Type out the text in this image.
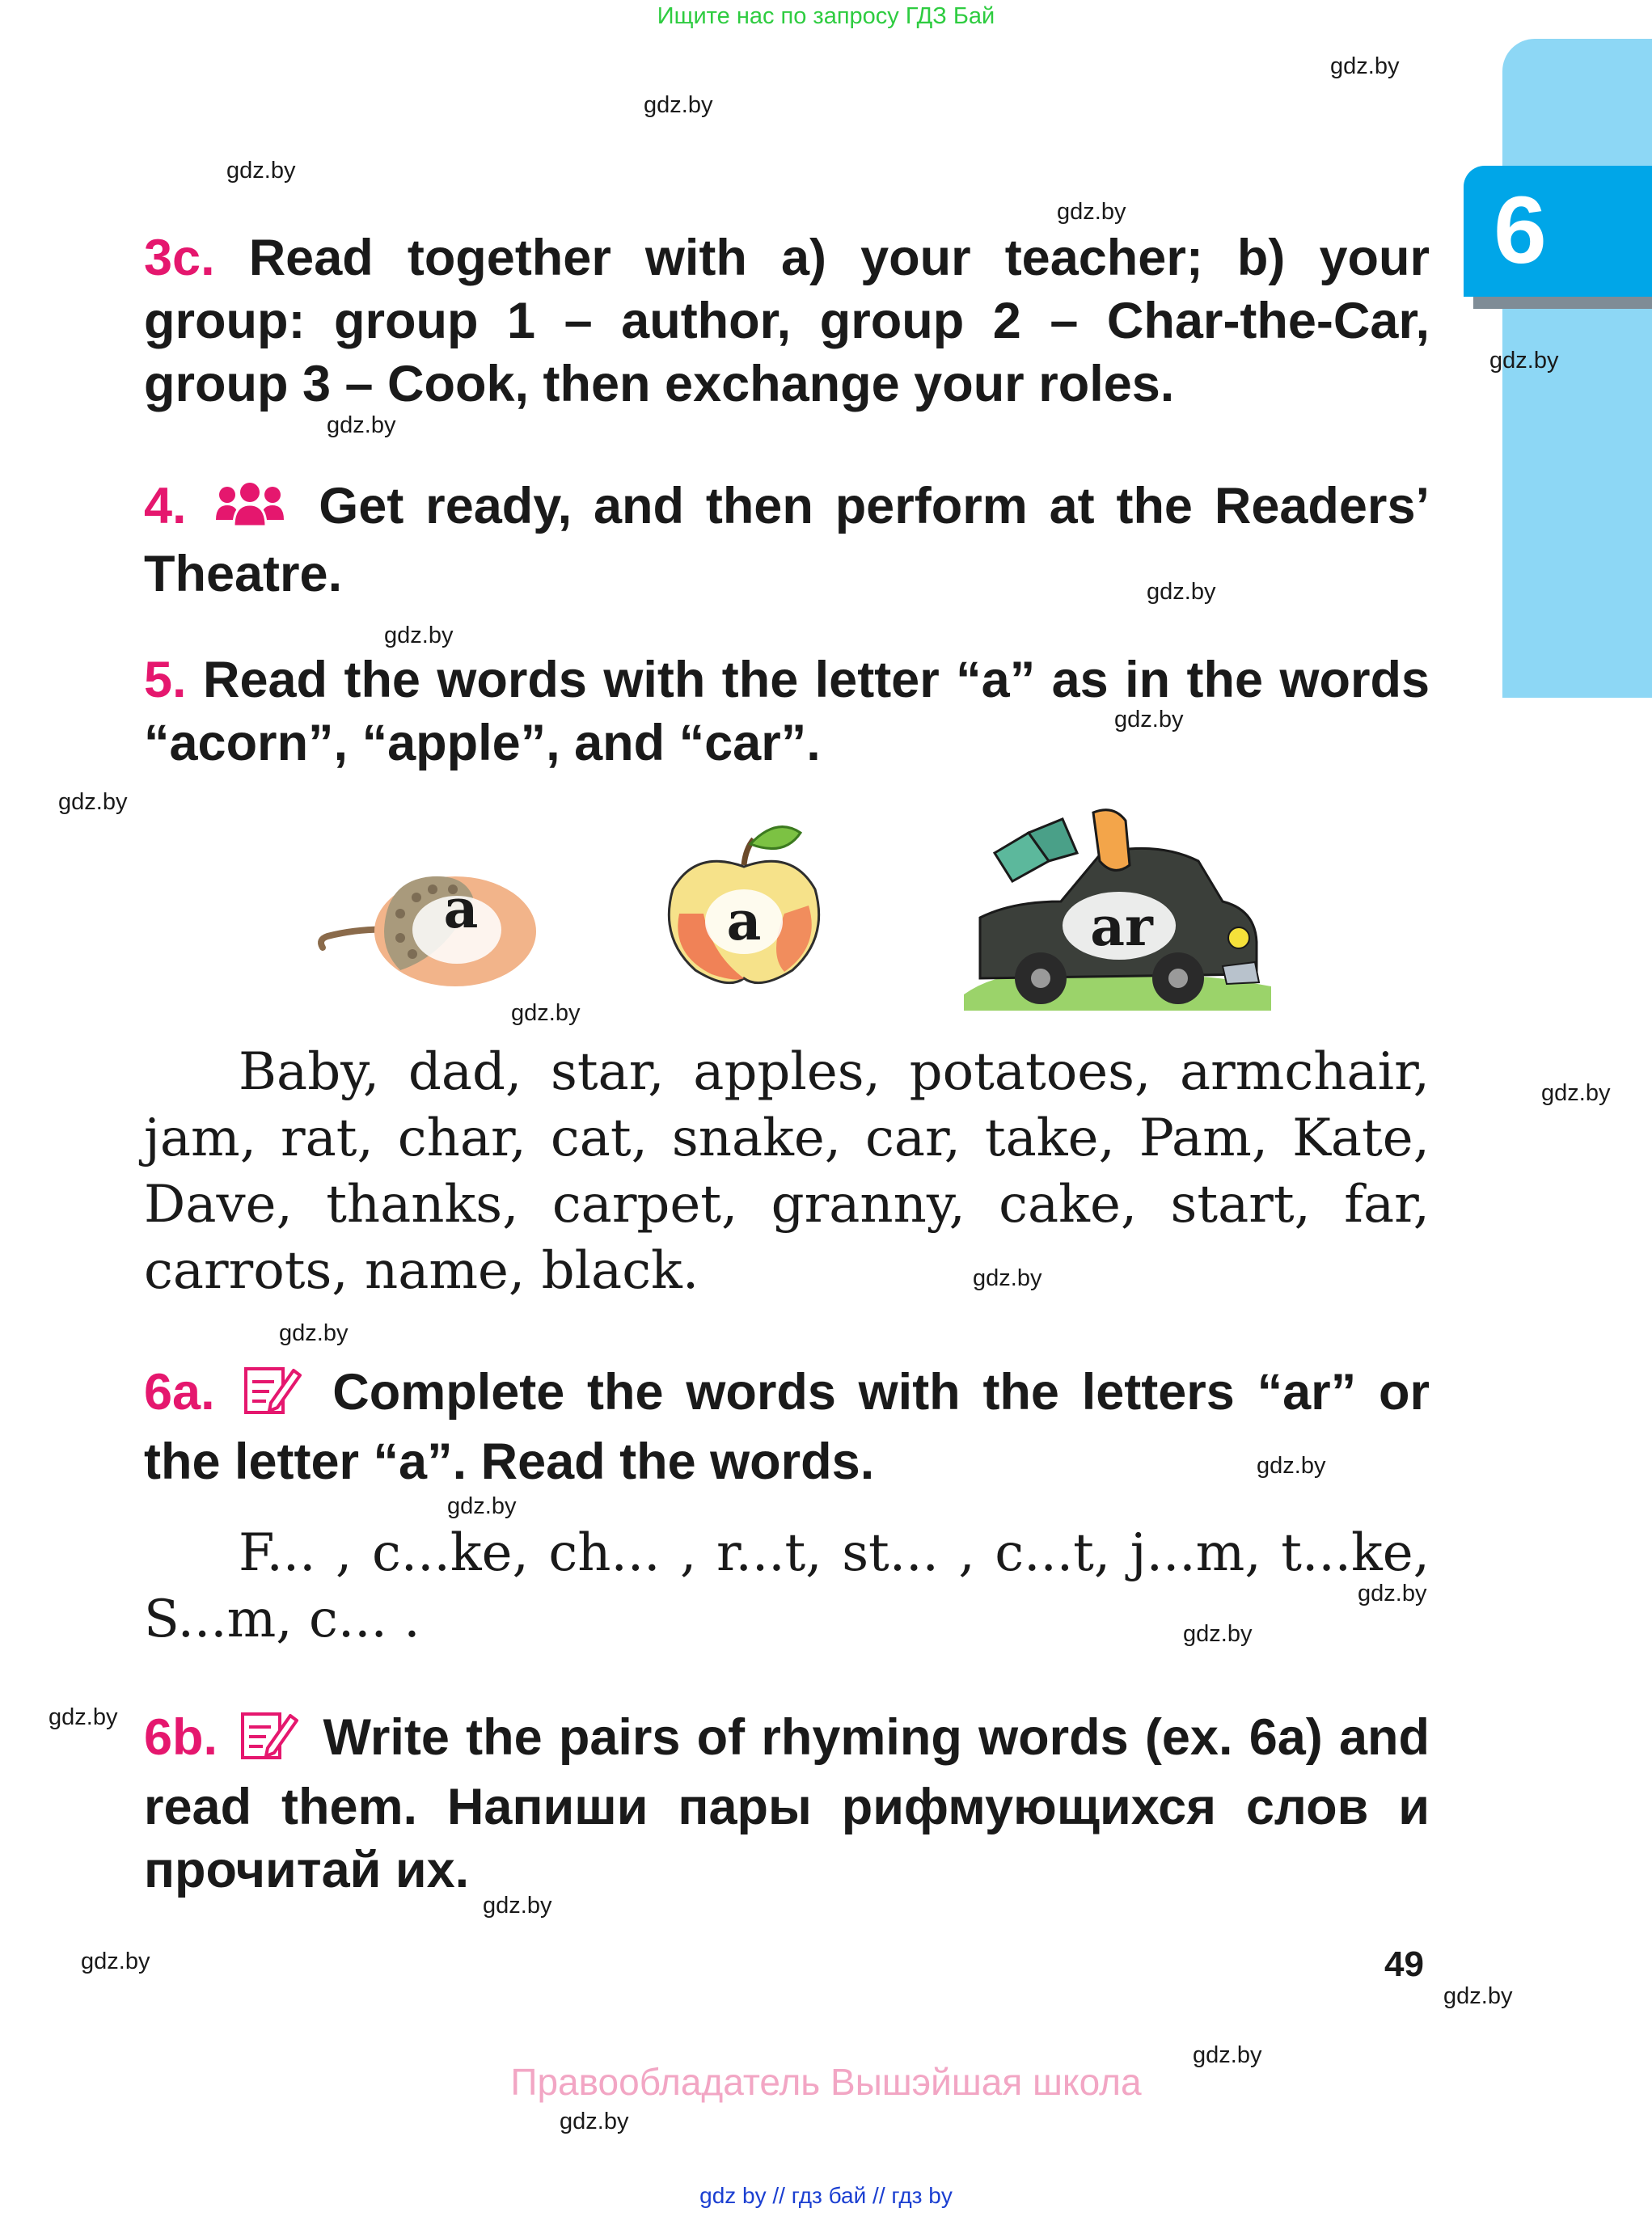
Ищите нас по запросу ГДЗ Бай
6
gdz.by
gdz.by
gdz.by
gdz.by
gdz.by
gdz.by
gdz.by
gdz.by
gdz.by
gdz.by
gdz.by
gdz.by
gdz.by
gdz.by
gdz.by
gdz.by
gdz.by
gdz.by
gdz.by
gdz.by
gdz.by
gdz.by
gdz.by
gdz.by
3c. Read together with a) your teacher; b) your group: group 1 – author, group 2 – Char-the-Car, group 3 – Cook, then exchange your roles.
4.	Get ready, and then perform at the Readers’ Theatre.
5. Read the words with the letter “a” as in the words “acorn”, “apple”, and “car”.
a	a	ar
Baby, dad, star, apples, potatoes, armchair, jam, rat, char, cat, snake, car, take, Pam, Kate, Dave, thanks, carpet, granny, cake, start, far, carrots, name, black.
6a. Complete the words with the letters “ar” or the letter “a”. Read the words.
F... , c...ke, ch... , r...t, st... , c...t, j...m, t...ke, S...m, c... .
6b. Write the pairs of rhyming words (ex. 6a) and read them. Напиши пары рифмующихся слов и прочитай их.
49
Правообладатель Вышэйшая школа
gdz by // гдз бай // гдз by
